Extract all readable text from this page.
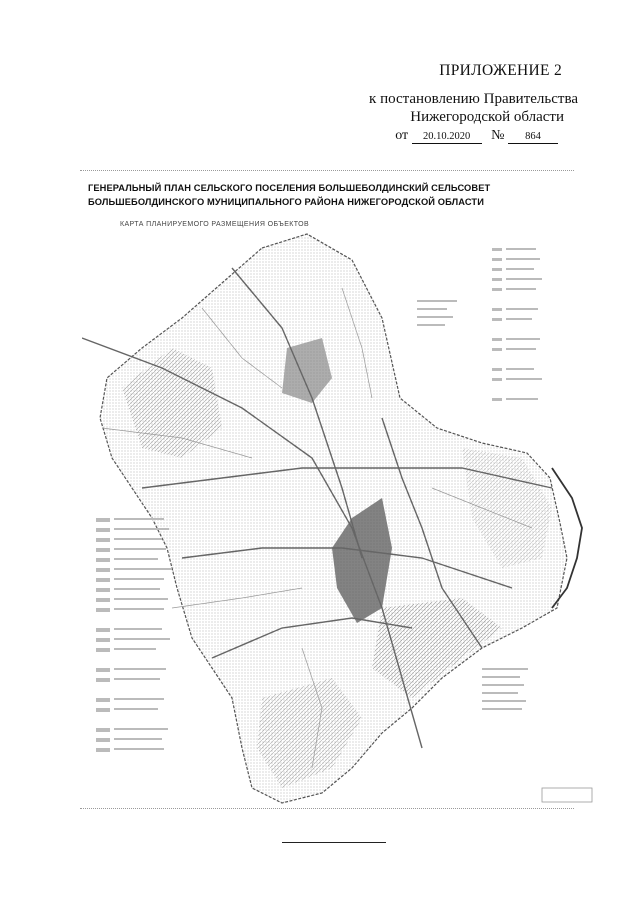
ПРИЛОЖЕНИЕ 2
к постановлению Правительства
Нижегородской области
от 20.10.2020 № 864
ГЕНЕРАЛЬНЫЙ ПЛАН СЕЛЬСКОГО ПОСЕЛЕНИЯ БОЛЬШЕБОЛДИНСКИЙ СЕЛЬСОВЕТ
БОЛЬШЕБОЛДИНСКОГО МУНИЦИПАЛЬНОГО РАЙОНА НИЖЕГОРОДСКОЙ ОБЛАСТИ
КАРТА ПЛАНИРУЕМОГО РАЗМЕЩЕНИЯ ОБЪЕКТОВ
